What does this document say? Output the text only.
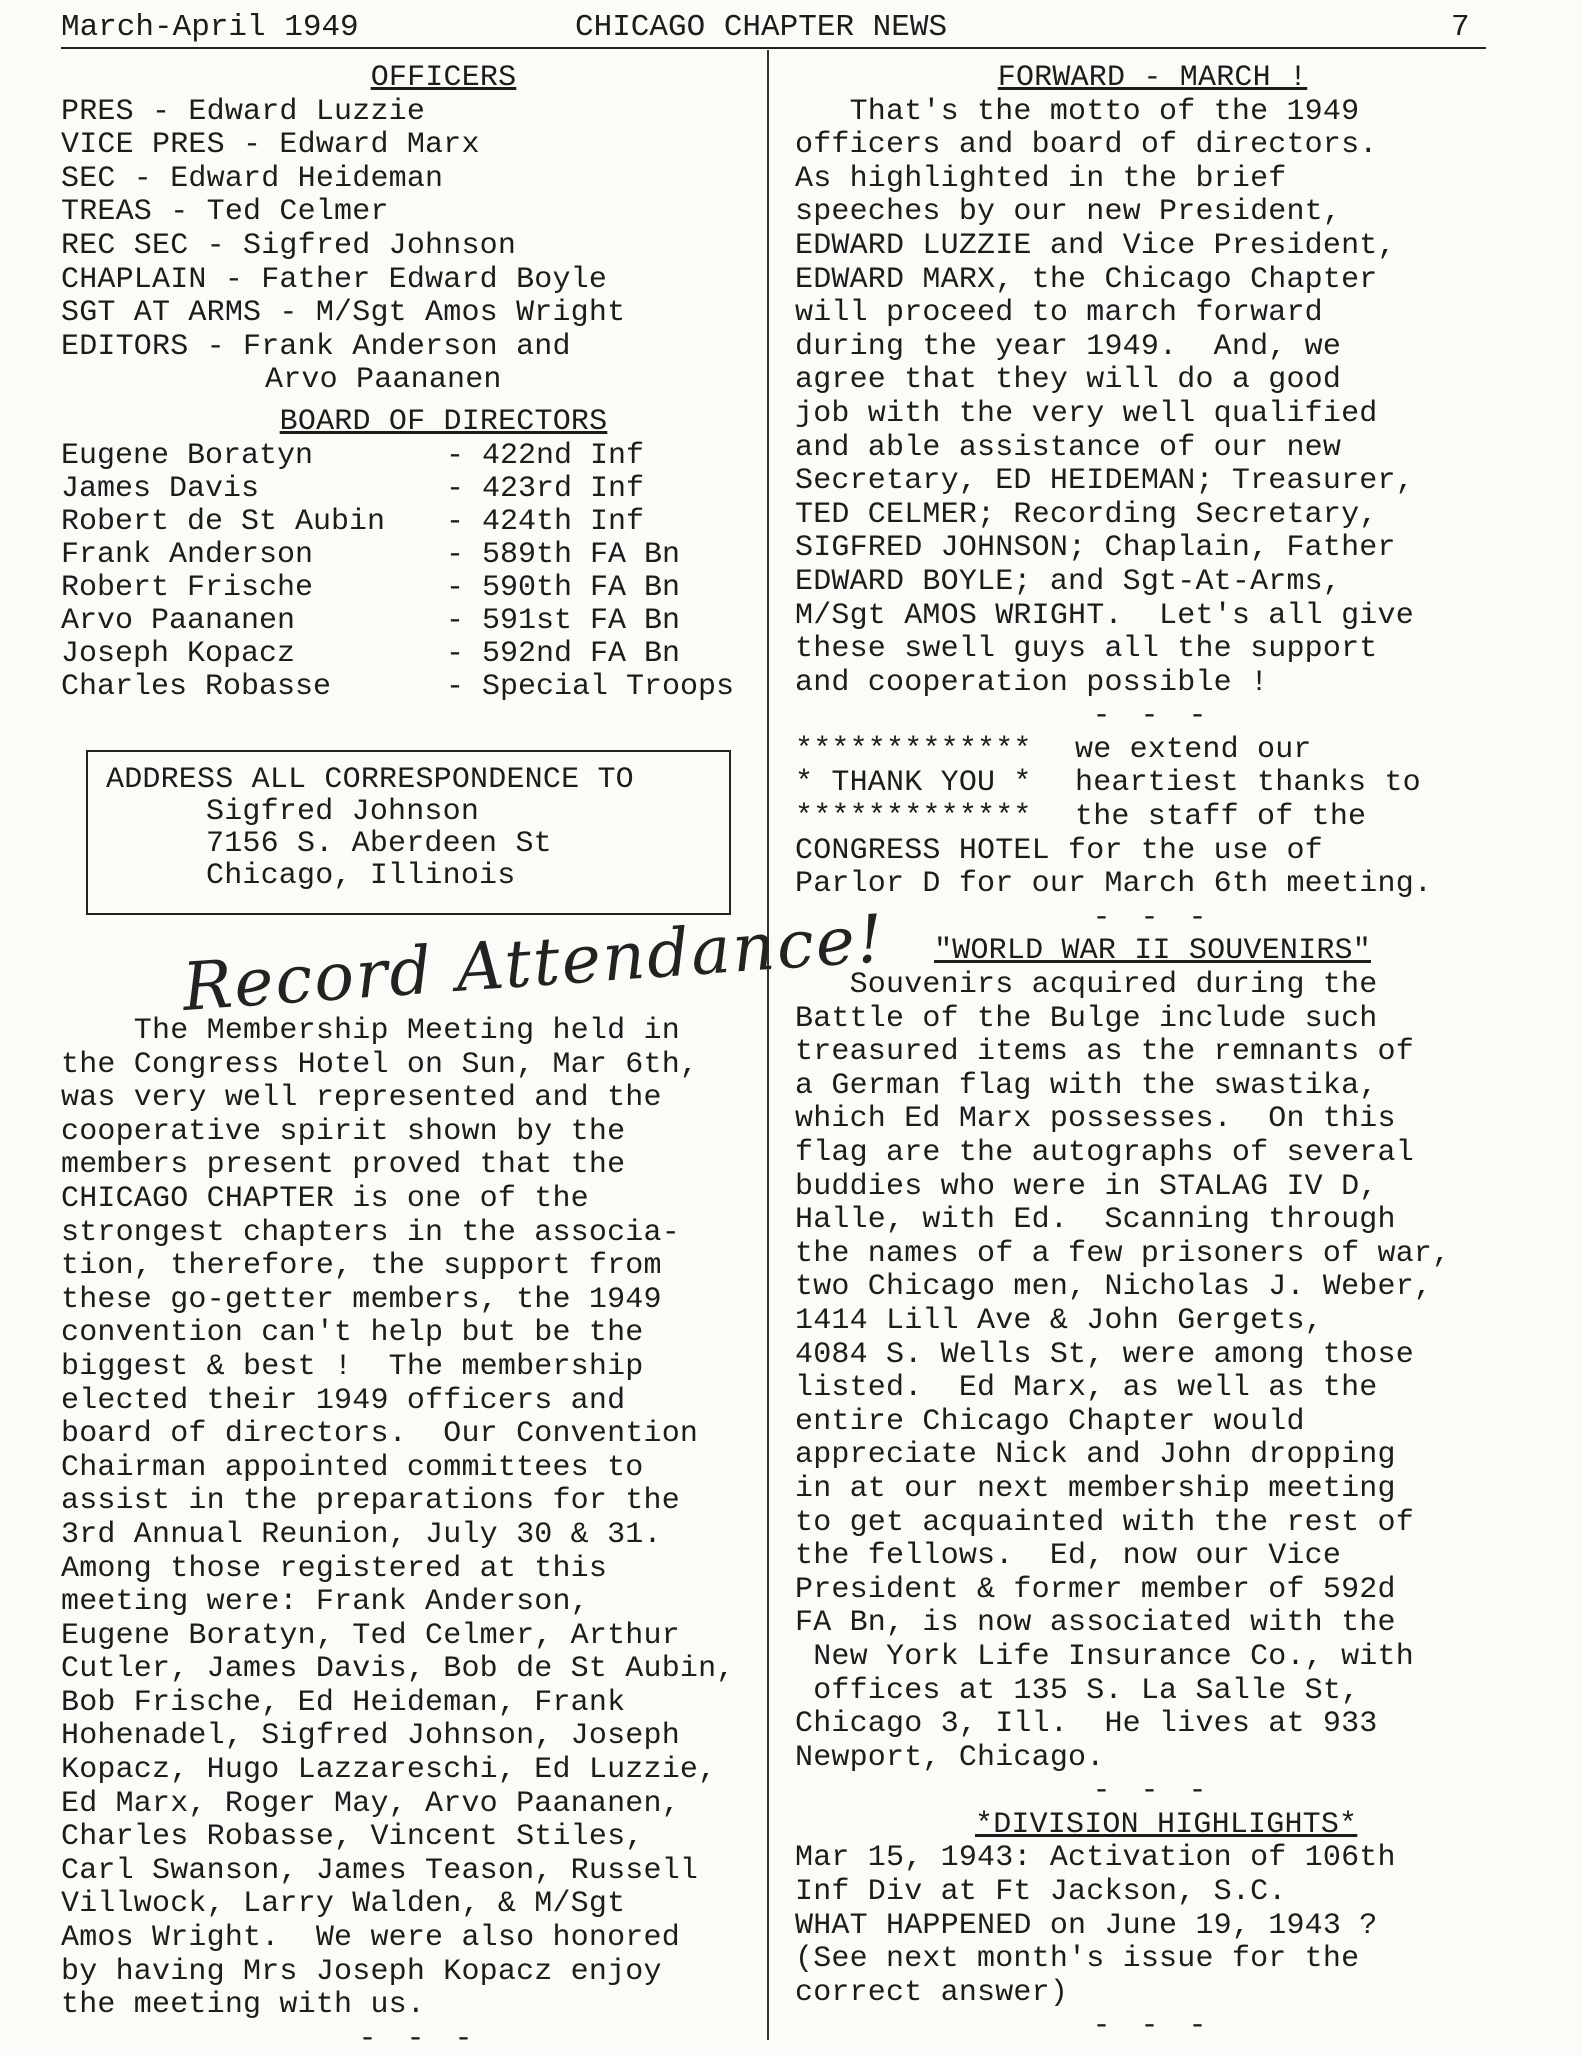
March-April 1949	CHICAGO CHAPTER NEWS	7
OFFICERS
PRES - Edward Luzzie
VICE PRES - Edward Marx
SEC - Edward Heideman
TREAS - Ted Celmer
REC SEC - Sigfred Johnson
CHAPLAIN - Father Edward Boyle
SGT AT ARMS - M/Sgt Amos Wright
EDITORS - Frank Anderson and
Arvo Paananen
BOARD OF DIRECTORS
Eugene Boratyn	- 422nd Inf
James Davis	- 423rd Inf
Robert de St Aubin	- 424th Inf
Frank Anderson	- 589th FA Bn
Robert Frische	- 590th FA Bn
Arvo Paananen	- 591st FA Bn
Joseph Kopacz	- 592nd FA Bn
Charles Robasse	- Special Troops
ADDRESS ALL CORRESPONDENCE TO
Sigfred Johnson
7156 S. Aberdeen St
Chicago, Illinois
Record Attendance!
The Membership Meeting held in
the Congress Hotel on Sun, Mar 6th,
was very well represented and the
cooperative spirit shown by the
members present proved that the
CHICAGO CHAPTER is one of the
strongest chapters in the associa-
tion, therefore, the support from
these go-getter members, the 1949
convention can't help but be the
biggest & best !  The membership
elected their 1949 officers and
board of directors.  Our Convention
Chairman appointed committees to
assist in the preparations for the
3rd Annual Reunion, July 30 & 31.
Among those registered at this
meeting were: Frank Anderson,
Eugene Boratyn, Ted Celmer, Arthur
Cutler, James Davis, Bob de St Aubin,
Bob Frische, Ed Heideman, Frank
Hohenadel, Sigfred Johnson, Joseph
Kopacz, Hugo Lazzareschi, Ed Luzzie,
Ed Marx, Roger May, Arvo Paananen,
Charles Robasse, Vincent Stiles,
Carl Swanson, James Teason, Russell
Villwock, Larry Walden, & M/Sgt
Amos Wright.  We were also honored
by having Mrs Joseph Kopacz enjoy
the meeting with us.
- - -
FORWARD - MARCH !
That's the motto of the 1949
officers and board of directors.
As highlighted in the brief
speeches by our new President,
EDWARD LUZZIE and Vice President,
EDWARD MARX, the Chicago Chapter
will proceed to march forward
during the year 1949.  And, we
agree that they will do a good
job with the very well qualified
and able assistance of our new
Secretary, ED HEIDEMAN; Treasurer,
TED CELMER; Recording Secretary,
SIGFRED JOHNSON; Chaplain, Father
EDWARD BOYLE; and Sgt-At-Arms,
M/Sgt AMOS WRIGHT.  Let's all give
these swell guys all the support
and cooperation possible !
- - -
*************
* THANK YOU *
*************
we extend our
heartiest thanks to
the staff of the
CONGRESS HOTEL for the use of
Parlor D for our March 6th meeting.
- - -
"WORLD WAR II SOUVENIRS"
Souvenirs acquired during the
Battle of the Bulge include such
treasured items as the remnants of
a German flag with the swastika,
which Ed Marx possesses.  On this
flag are the autographs of several
buddies who were in STALAG IV D,
Halle, with Ed.  Scanning through
the names of a few prisoners of war,
two Chicago men, Nicholas J. Weber,
1414 Lill Ave & John Gergets,
4084 S. Wells St, were among those
listed.  Ed Marx, as well as the
entire Chicago Chapter would
appreciate Nick and John dropping
in at our next membership meeting
to get acquainted with the rest of
the fellows.  Ed, now our Vice
President & former member of 592d
FA Bn, is now associated with the
New York Life Insurance Co., with
offices at 135 S. La Salle St,
Chicago 3, Ill.  He lives at 933
Newport, Chicago.
- - -
*DIVISION HIGHLIGHTS*
Mar 15, 1943: Activation of 106th
Inf Div at Ft Jackson, S.C.
WHAT HAPPENED on June 19, 1943 ?
(See next month's issue for the
correct answer)
- - -
